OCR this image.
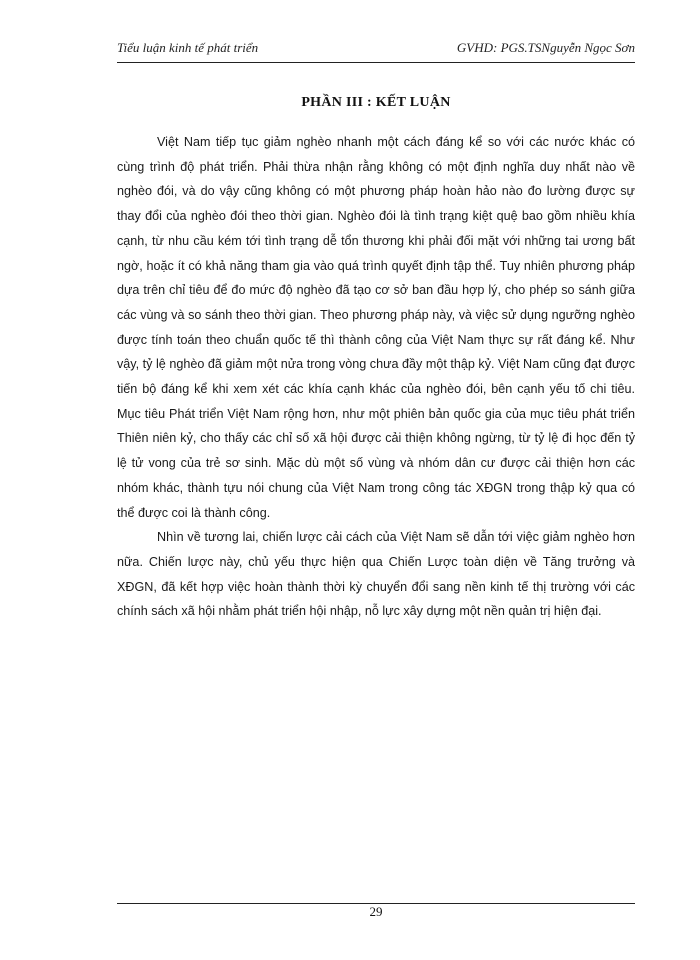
Tiểu luận kinh tế phát triển	GVHD: PGS.TSNguyễn Ngọc Sơn
PHẦN III : KẾT LUẬN

Việt Nam tiếp tục giảm nghèo nhanh một cách đáng kể so với các nước khác có cùng trình độ phát triển. Phải thừa nhận rằng không có một định nghĩa duy nhất nào về nghèo đói, và do vậy cũng không có một phương pháp hoàn hảo nào đo lường được sự thay đổi của nghèo đói theo thời gian. Nghèo đói là tình trạng kiệt quệ bao gồm nhiều khía cạnh, từ nhu cầu kém tới tình trạng dễ tổn thương khi phải đối mặt với những tai ương bất ngờ, hoặc ít có khả năng tham gia vào quá trình quyết định tập thể. Tuy nhiên phương pháp dựa trên chỉ tiêu để đo mức độ nghèo đã tạo cơ sở ban đầu hợp lý, cho phép so sánh giữa các vùng và so sánh theo thời gian. Theo phương pháp này, và việc sử dụng ngưỡng nghèo được tính toán theo chuẩn quốc tế thì thành công của Việt Nam thực sự rất đáng kể. Như vậy, tỷ lệ nghèo đã giảm một nửa trong vòng chưa đầy một thập kỷ. Việt Nam cũng đạt được tiến bộ đáng kể khi xem xét các khía cạnh khác của nghèo đói, bên cạnh yếu tố chi tiêu. Mục tiêu Phát triển Việt Nam rộng hơn, như một phiên bản quốc gia của mục tiêu phát triển Thiên niên kỷ, cho thấy các chỉ số xã hội được cải thiện không ngừng, từ tỷ lệ đi học đến tỷ lệ tử vong của trẻ sơ sinh. Mặc dù một số vùng và nhóm dân cư được cải thiện hơn các nhóm khác, thành tựu nói chung của Việt Nam trong công tác XĐGN trong thập kỷ qua có thể được coi là thành công.

Nhìn về tương lai, chiến lược cải cách của Việt Nam sẽ dẫn tới việc giảm nghèo hơn nữa. Chiến lược này, chủ yếu thực hiện qua Chiến Lược toàn diện về Tăng trưởng và XĐGN, đã kết hợp việc hoàn thành thời kỳ chuyển đổi sang nền kinh tế thị trường với các chính sách xã hội nhằm phát triển hội nhập, nỗ lực xây dựng một nền quản trị hiện đại.

29
